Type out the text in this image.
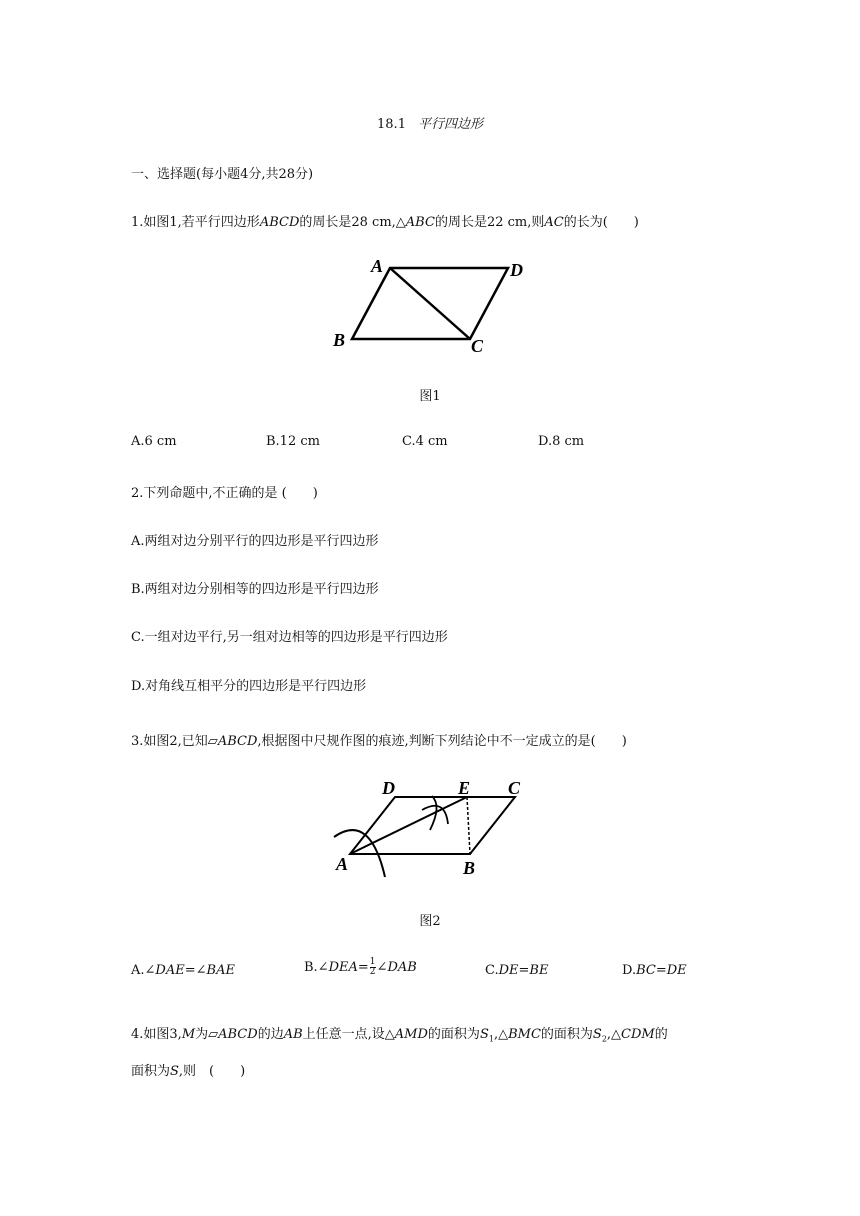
18.1 平行四边形
一、选择题(每小题4分,共28分)
1.如图1,若平行四边形ABCD的周长是28 cm,△ABC的周长是22 cm,则AC的长为(　　)
A	D
B	C
图1
A.6 cm	B.12 cm	C.4 cm	D.8 cm
2.下列命题中,不正确的是 (　　)
A.两组对边分别平行的四边形是平行四边形
B.两组对边分别相等的四边形是平行四边形
C.一组对边平行,另一组对边相等的四边形是平行四边形
D.对角线互相平分的四边形是平行四边形
3.如图2,已知▱ABCD,根据图中尺规作图的痕迹,判断下列结论中不一定成立的是(　　)
D	E C
A	B
图2
A.∠DAE=∠BAE	B.∠DEA= $\frac{1}{2}$ ∠DAB	C.DE=BE	D.BC=DE
4.如图3,M为▱ABCD的边AB上任意一点,设△AMD的面积为$S_1,\triangle BMC$的面积为$S_2,\triangle CDM$的
面积为S,则　(　　)
